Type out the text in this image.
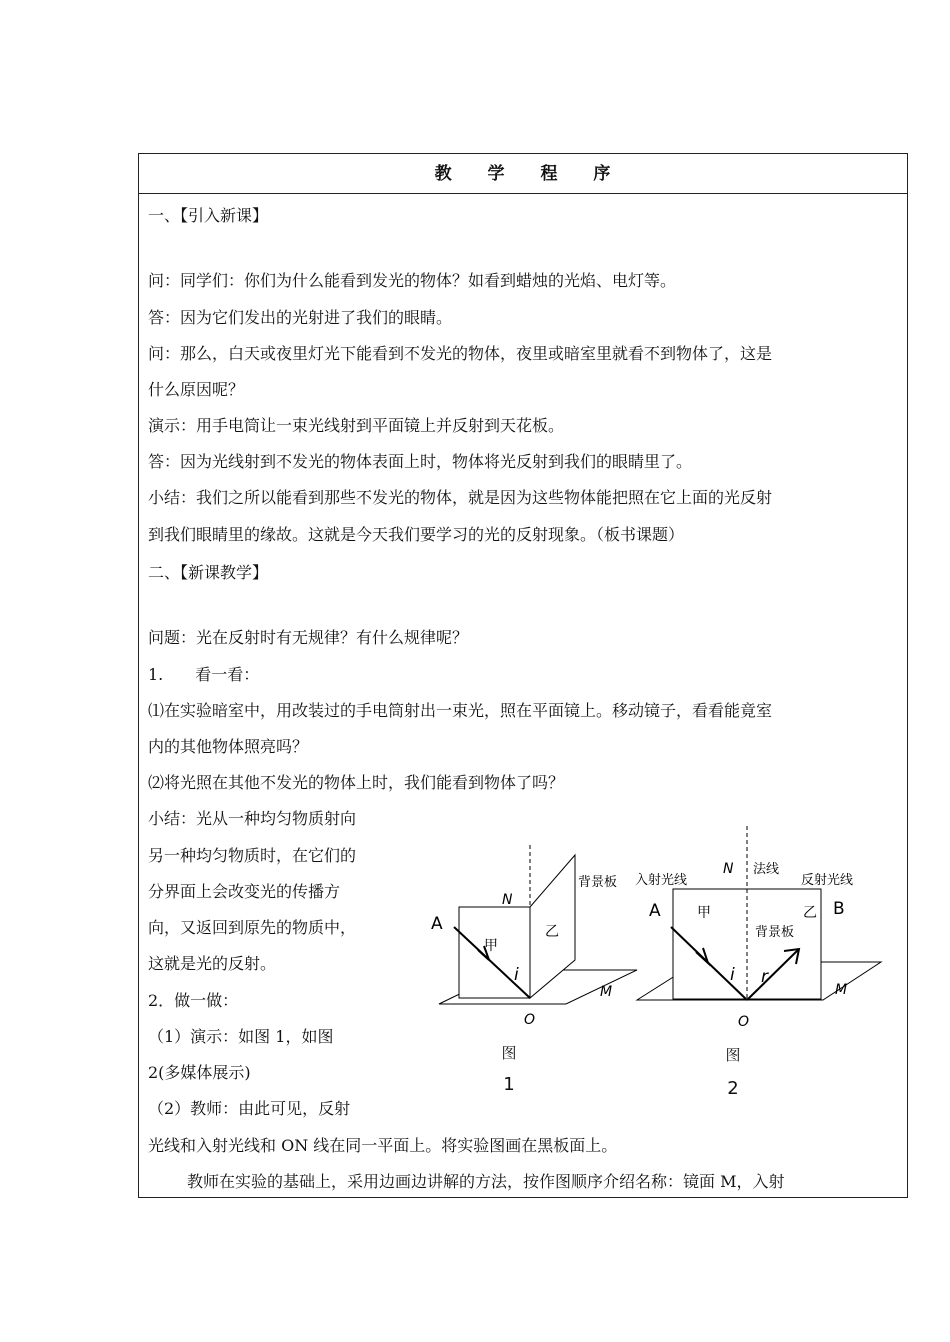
教 学 程 序
一、【引入新课】
问：同学们：你们为什么能看到发光的物体？如看到蜡烛的光焰、电灯等。
答：因为它们发出的光射进了我们的眼睛。
问：那么，白天或夜里灯光下能看到不发光的物体，夜里或暗室里就看不到物体了，这是
什么原因呢？
演示：用手电筒让一束光线射到平面镜上并反射到天花板。
答：因为光线射到不发光的物体表面上时，物体将光反射到我们的眼睛里了。
小结：我们之所以能看到那些不发光的物体，就是因为这些物体能把照在它上面的光反射
到我们眼睛里的缘故。这就是今天我们要学习的光的反射现象。（板书课题）
二、【新课教学】
问题：光在反射时有无规律？有什么规律呢？
1.　　看一看：
⑴在实验暗室中，用改装过的手电筒射出一束光，照在平面镜上。移动镜子，看看能竟室
内的其他物体照亮吗？
⑵将光照在其他不发光的物体上时，我们能看到物体了吗？
小结：光从一种均匀物质射向
另一种均匀物质时，在它们的
分界面上会改变光的传播方
向，又返回到原先的物质中，
这就是光的反射。
2．做一做：
（1）演示：如图 1，如图
2(多媒体展示)
（2）教师：由此可见，反射
光线和入射光线和 ON 线在同一平面上。将实验图画在黑板面上。
教师在实验的基础上，采用边画边讲解的方法，按作图顺序介绍名称：镜面 M，入射
A
N
甲
乙
i
背景板
M
O
图
1
A	B
N 法线
入射光线	反射光线
甲
背景板
乙
i r
M
O
图
2
